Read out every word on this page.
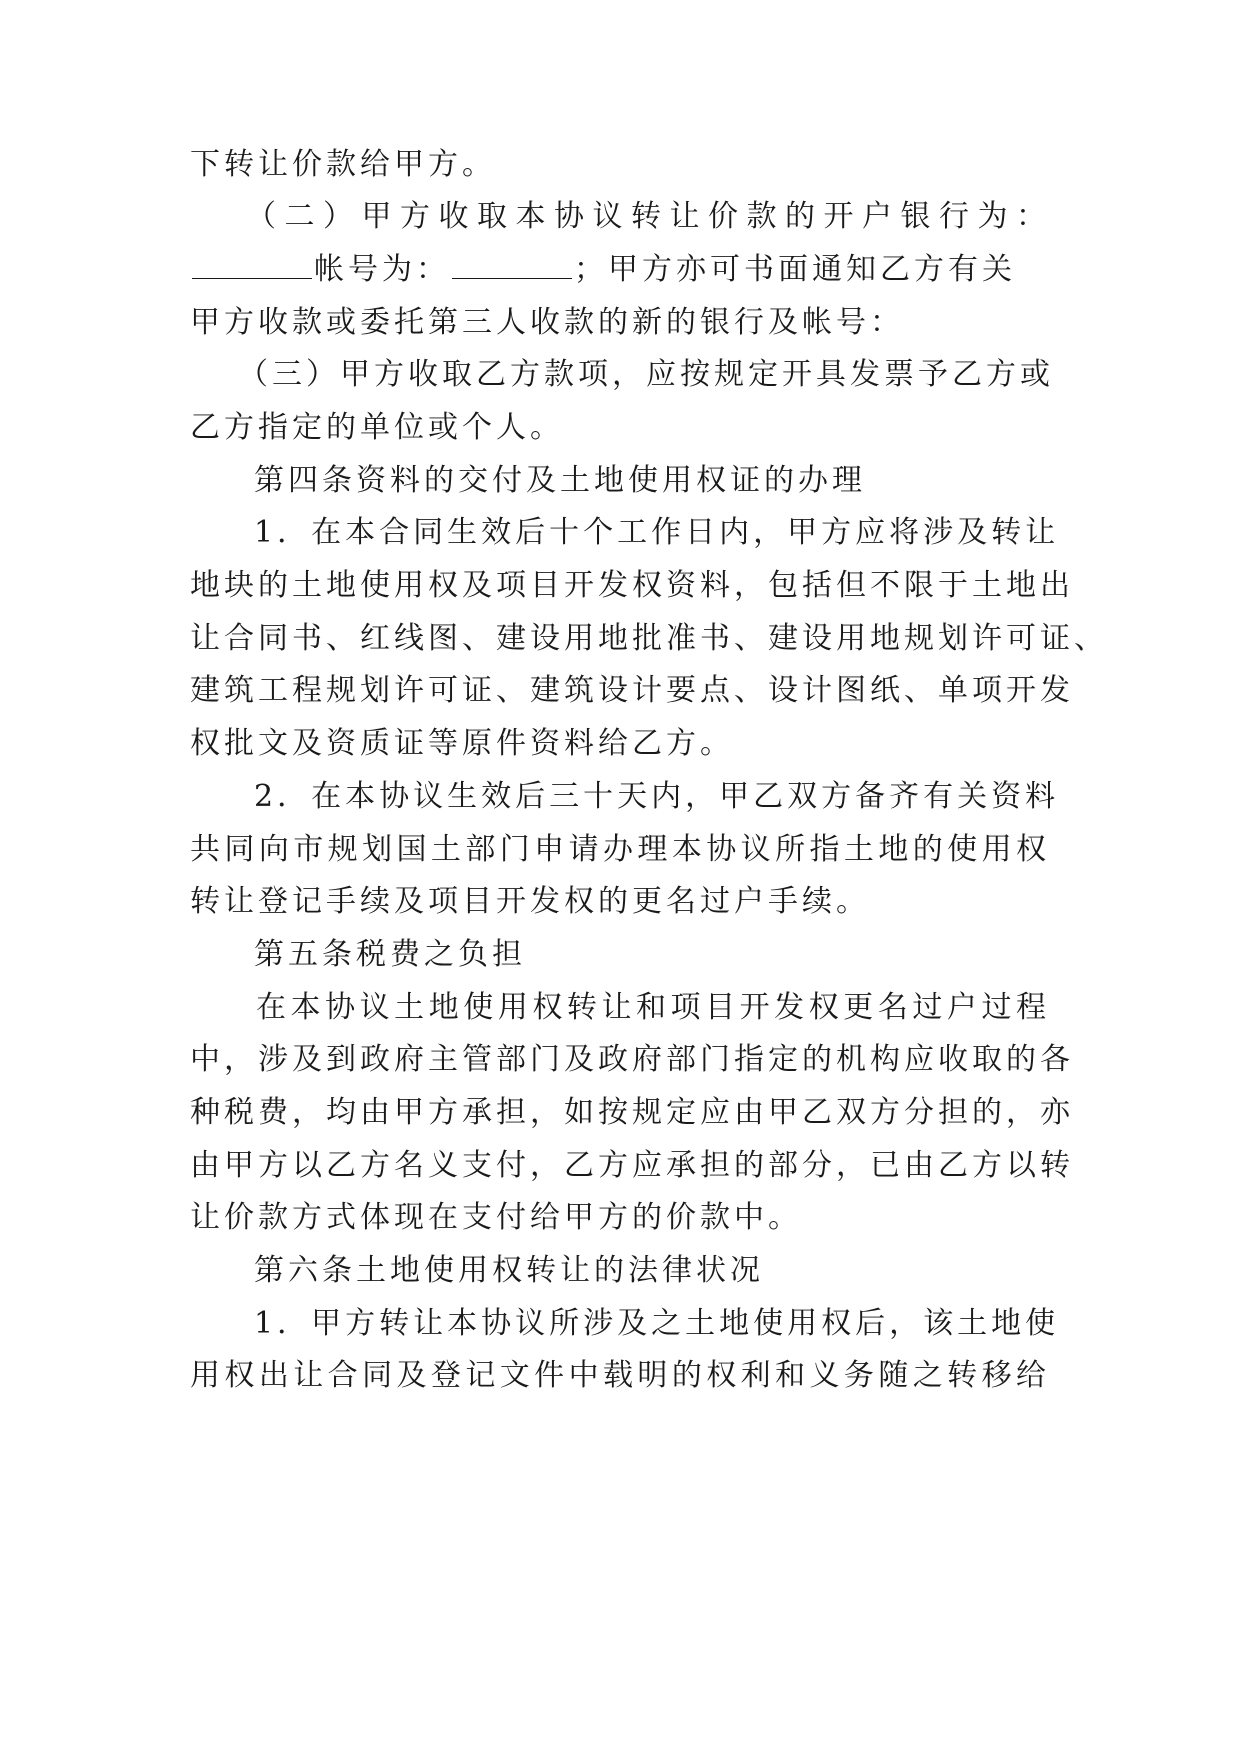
下转让价款给甲方。
（二）甲方收取本协议转让价款的开户银行为：
帐号为：	；甲方亦可书面通知乙方有关
甲方收款或委托第三人收款的新的银行及帐号：
（三）甲方收取乙方款项，应按规定开具发票予乙方或
乙方指定的单位或个人。
第四条资料的交付及土地使用权证的办理
1．在本合同生效后十个工作日内，甲方应将涉及转让
地块的土地使用权及项目开发权资料，包括但不限于土地出
让合同书、红线图、建设用地批准书、建设用地规划许可证、
建筑工程规划许可证、建筑设计要点、设计图纸、单项开发
权批文及资质证等原件资料给乙方。
2．在本协议生效后三十天内，甲乙双方备齐有关资料
共同向市规划国土部门申请办理本协议所指土地的使用权
转让登记手续及项目开发权的更名过户手续。
第五条税费之负担
在本协议土地使用权转让和项目开发权更名过户过程
中，涉及到政府主管部门及政府部门指定的机构应收取的各
种税费，均由甲方承担，如按规定应由甲乙双方分担的，亦
由甲方以乙方名义支付，乙方应承担的部分，已由乙方以转
让价款方式体现在支付给甲方的价款中。
第六条土地使用权转让的法律状况
1．甲方转让本协议所涉及之土地使用权后，该土地使
用权出让合同及登记文件中载明的权利和义务随之转移给
